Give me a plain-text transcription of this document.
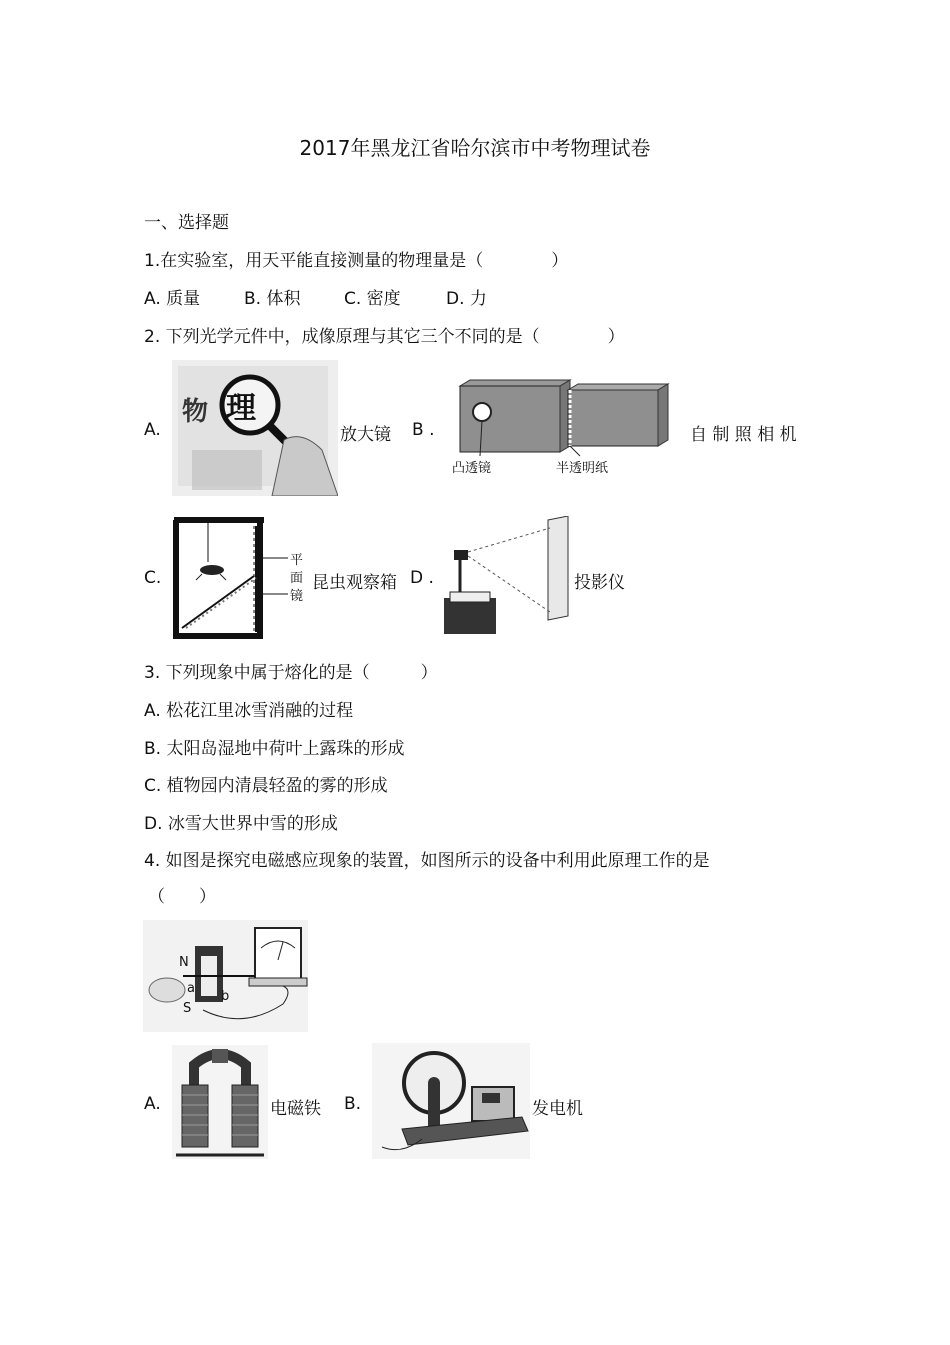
2017年黑龙江省哈尔滨市中考物理试卷
一、选择题
1.在实验室，用天平能直接测量的物理量是（　　　　）
A. 质量	B. 体积	C. 密度	D. 力
2. 下列光学元件中，成像原理与其它三个不同的是（　　　　）
A.
物 理
放大镜 B .
凸透镜	半透明纸
自 制 照 相 机
C.
平
面
镜
昆虫观察箱 D .	投影仪
3. 下列现象中属于熔化的是（　　　）
A. 松花江里冰雪消融的过程
B. 太阳岛湿地中荷叶上露珠的形成
C. 植物园内清晨轻盈的雾的形成
D. 冰雪大世界中雪的形成
4. 如图是探究电磁感应现象的装置，如图所示的设备中利用此原理工作的是
（　　）
N
S
a
b
A.	电磁铁 B.	发电机
